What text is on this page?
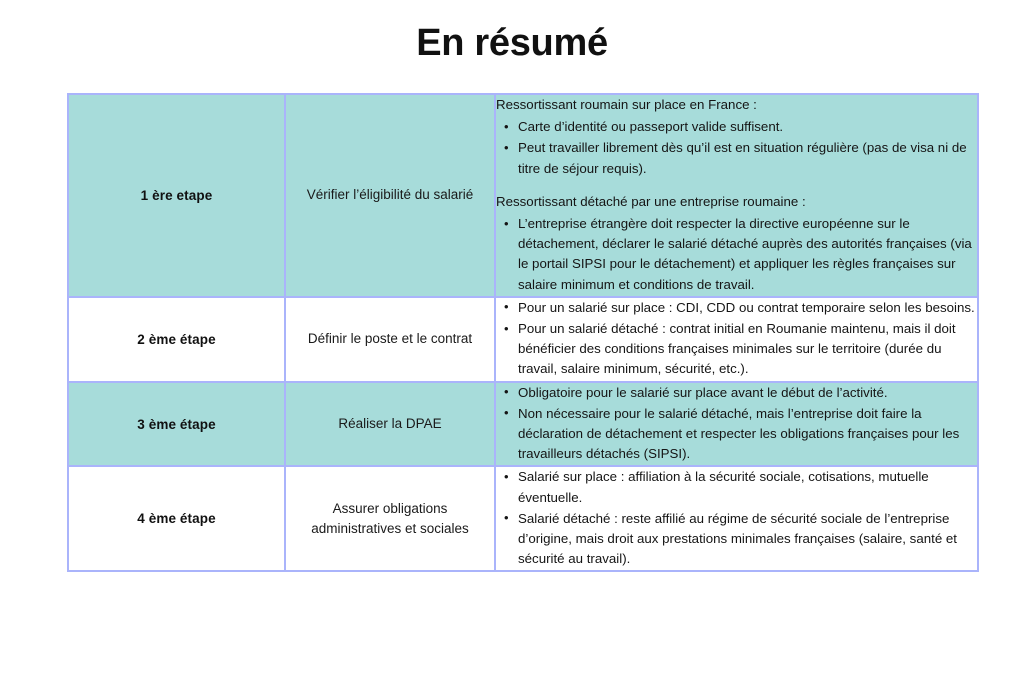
En résumé
1 ère etape	Vérifier l’éligibilité du salarié	

Ressortissant roumain sur place en France :

• Carte d’identité ou passeport valide suffisent.
• Peut travailler librement dès qu’il est en situation régulière (pas de visa ni de titre de séjour requis).

Ressortissant détaché par une entreprise roumaine :

• L’entreprise étrangère doit respecter la directive européenne sur le détachement, déclarer le salarié détaché auprès des autorités françaises (via le portail SIPSI pour le détachement) et appliquer les règles françaises sur salaire minimum et conditions de travail.

2 ème étape	Définir le poste et le contrat	
• Pour un salarié sur place : CDI, CDD ou contrat temporaire selon les besoins.
• Pour un salarié détaché : contrat initial en Roumanie maintenu, mais il doit bénéficier des conditions françaises minimales sur le territoire (durée du travail, salaire minimum, sécurité, etc.).

3 ème étape	Réaliser la DPAE	
• Obligatoire pour le salarié sur place avant le début de l’activité.
• Non nécessaire pour le salarié détaché, mais l’entreprise doit faire la déclaration de détachement et respecter les obligations françaises pour les travailleurs détachés (SIPSI).

4 ème étape	Assurer obligations administratives et sociales	
• Salarié sur place : affiliation à la sécurité sociale, cotisations, mutuelle éventuelle.
• Salarié détaché : reste affilié au régime de sécurité sociale de l’entreprise d’origine, mais droit aux prestations minimales françaises (salaire, santé et sécurité au travail).
